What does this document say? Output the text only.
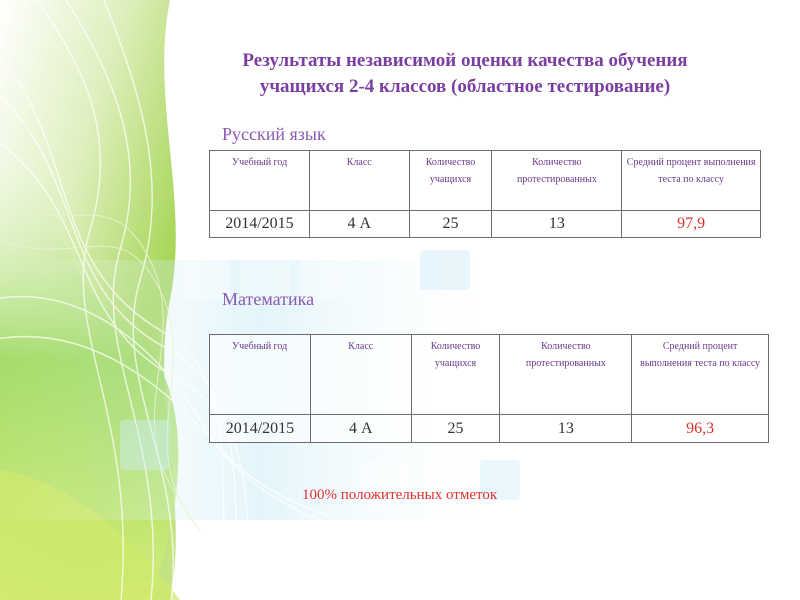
Результаты независимой оценки качества обучения
учащихся 2-4 классов (областное тестирование)
Русский язык
Учебный год	Класс	Количество учащихся	Количество протестированных	Средний процент выполнения теста по классу
2014/2015	4 А	25	13	97,9
Математика
Учебный год	Класс	Количество учащихся	Количество протестированных	Средний процент выполнения теста по классу
2014/2015	4 А	25	13	96,3
100% положительных отметок
